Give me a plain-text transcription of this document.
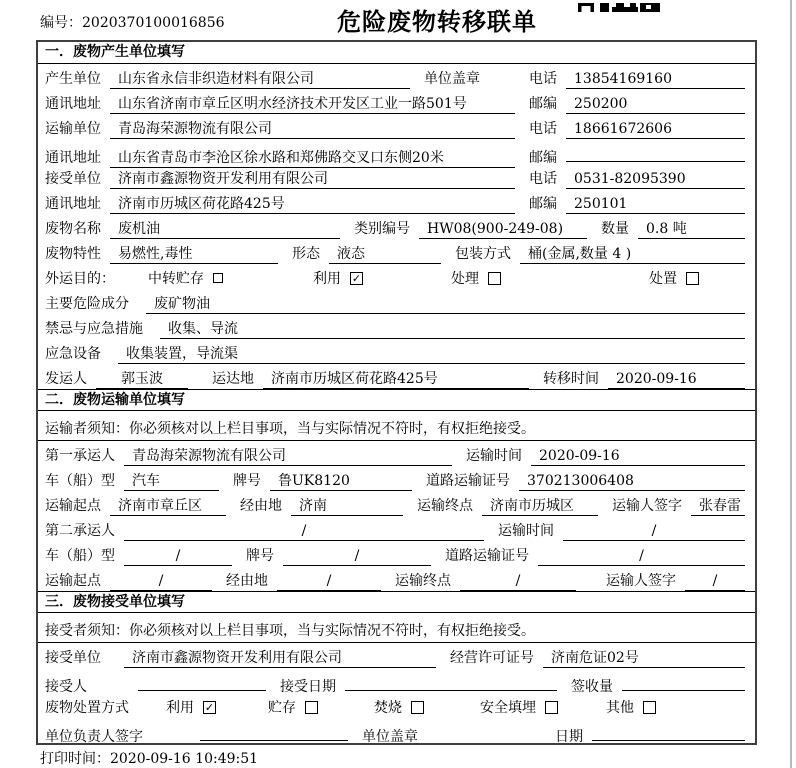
编号：2020370100016856	危险废物转移联单
一．废物产生单位填写
产生单位	山东省永信非织造材料有限公司	单位盖章	电话	13854169160
通讯地址	山东省济南市章丘区明水经济技术开发区工业一路501号	邮编	250200
运输单位	青岛海荣源物流有限公司	电话	18661672606
通讯地址	山东省青岛市李沧区徐水路和郑佛路交叉口东侧20米	邮编
接受单位	济南市鑫源物资开发利用有限公司	电话	0531-82095390
通讯地址	济南市历城区荷花路425号	邮编	250101
废物名称	废机油	类别编号	HW08(900-249-08)	数量	0.8 吨
废物特性	易燃性,毒性	形态	液态	包装方式	桶(金属,数量 4 )
外运目的： 中转贮存	利用 ✓	处理	处置
主要危险成分	废矿物油
禁忌与应急措施	收集、导流
应急设备	收集装置，导流渠
发运人	郭玉波	运达地	济南市历城区荷花路425号	转移时间	2020-09-16
二．废物运输单位填写
运输者须知：你必须核对以上栏目事项，当与实际情况不符时，有权拒绝接受。
第一承运人	青岛海荣源物流有限公司	运输时间	2020-09-16
车（船）型	汽车	牌号	鲁UK8120	道路运输证号	370213006408
运输起点	济南市章丘区	经由地	济南	运输终点	济南市历城区	运输人签字	张春雷
第二承运人	/	运输时间	/
车（船）型	/	牌号	/	道路运输证号	/
运输起点	/	经由地	/	运输终点	/	运输人签字	/
三．废物接受单位填写
接受者须知：你必须核对以上栏目事项，当与实际情况不符时，有权拒绝接受。
接受单位	济南市鑫源物资开发利用有限公司	经营许可证号	济南危证02号
接受人	接受日期	签收量
废物处置方式	利用 ✓	贮存	焚烧	安全填埋	其他
单位负责人签字	单位盖章	日期
打印时间：2020-09-16 10:49:51
